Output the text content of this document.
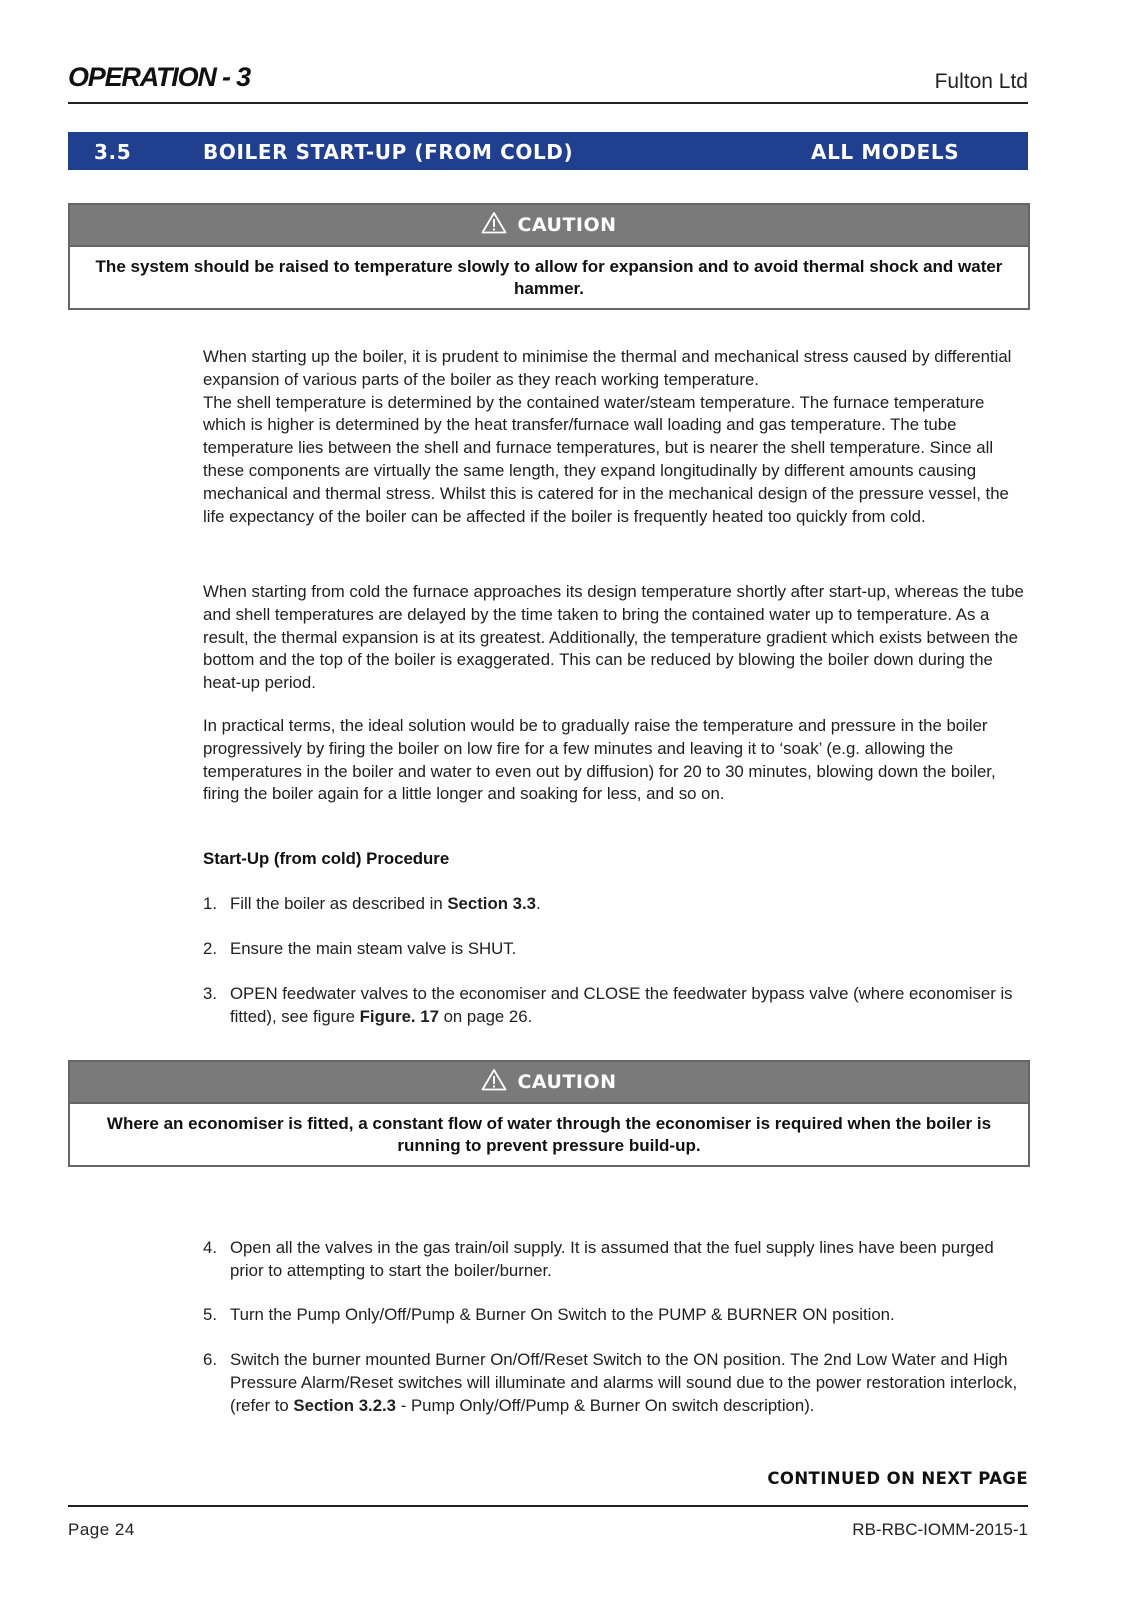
OPERATION - 3	Fulton Ltd
3.5	BOILER START-UP (FROM COLD)	ALL MODELS
CAUTION
The system should be raised to temperature slowly to allow for expansion and to avoid thermal shock and water hammer.

When starting up the boiler, it is prudent to minimise the thermal and mechanical stress caused by differential expansion of various parts of the boiler as they reach working temperature.

The shell temperature is determined by the contained water/steam temperature. The furnace temperature which is higher is determined by the heat transfer/furnace wall loading and gas temperature. The tube temperature lies between the shell and furnace temperatures, but is nearer the shell temperature. Since all these components are virtually the same length, they expand longitudinally by different amounts causing mechanical and thermal stress. Whilst this is catered for in the mechanical design of the pressure vessel, the life expectancy of the boiler can be affected if the boiler is frequently heated too quickly from cold.

When starting from cold the furnace approaches its design temperature shortly after start-up, whereas the tube and shell temperatures are delayed by the time taken to bring the contained water up to temperature. As a result, the thermal expansion is at its greatest. Additionally, the temperature gradient which exists between the bottom and the top of the boiler is exaggerated. This can be reduced by blowing the boiler down during the heat-up period.

In practical terms, the ideal solution would be to gradually raise the temperature and pressure in the boiler progressively by firing the boiler on low fire for a few minutes and leaving it to ‘soak’ (e.g. allowing the temperatures in the boiler and water to even out by diffusion) for 20 to 30 minutes, blowing down the boiler, firing the boiler again for a little longer and soaking for less, and so on.

Start-Up (from cold) Procedure
1. Fill the boiler as described in Section 3.3.
2. Ensure the main steam valve is SHUT.
3. OPEN feedwater valves to the economiser and CLOSE the feedwater bypass valve (where economiser is fitted), see figure Figure. 17 on page 26.
CAUTION
Where an economiser is fitted, a constant flow of water through the economiser is required when the boiler is running to prevent pressure build-up.
4. Open all the valves in the gas train/oil supply. It is assumed that the fuel supply lines have been purged prior to attempting to start the boiler/burner.
5. Turn the Pump Only/Off/Pump & Burner On Switch to the PUMP & BURNER ON position.
6. Switch the burner mounted Burner On/Off/Reset Switch to the ON position. The 2nd Low Water and High Pressure Alarm/Reset switches will illuminate and alarms will sound due to the power restoration interlock, (refer to Section 3.2.3 - Pump Only/Off/Pump & Burner On switch description).
CONTINUED ON NEXT PAGE
Page 24	RB-RBC-IOMM-2015-1
